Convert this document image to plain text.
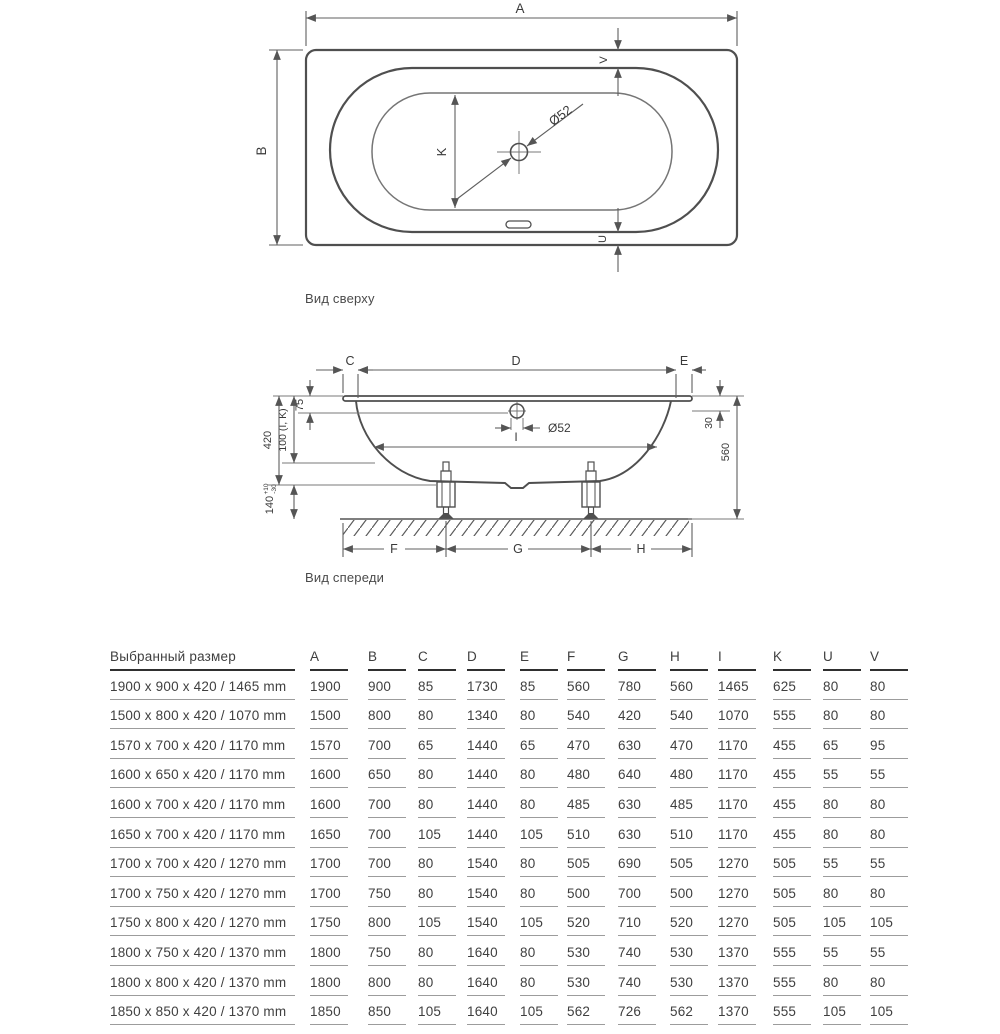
A
B	K
V
U
Ø52
C	D	E
75
100 (I, K)
420
140
+10 -30
30
560
Ø52
I
F	G	H
Вид сверху
Вид спереди
Выбранный размер	A	B	C	D	E	F	G	H	I	K	U	V
1900 x 900 x 420 / 1465 mm	1900	900	85	1730	85	560	780	560	1465	625	80	80
1500 x 800 x 420 / 1070 mm	1500	800	80	1340	80	540	420	540	1070	555	80	80
1570 x 700 x 420 / 1170 mm	1570	700	65	1440	65	470	630	470	1170	455	65	95
1600 x 650 x 420 / 1170 mm	1600	650	80	1440	80	480	640	480	1170	455	55	55
1600 x 700 x 420 / 1170 mm	1600	700	80	1440	80	485	630	485	1170	455	80	80
1650 x 700 x 420 / 1170 mm	1650	700	105	1440	105	510	630	510	1170	455	80	80
1700 x 700 x 420 / 1270 mm	1700	700	80	1540	80	505	690	505	1270	505	55	55
1700 x 750 x 420 / 1270 mm	1700	750	80	1540	80	500	700	500	1270	505	80	80
1750 x 800 x 420 / 1270 mm	1750	800	105	1540	105	520	710	520	1270	505	105	105
1800 x 750 x 420 / 1370 mm	1800	750	80	1640	80	530	740	530	1370	555	55	55
1800 x 800 x 420 / 1370 mm	1800	800	80	1640	80	530	740	530	1370	555	80	80
1850 x 850 x 420 / 1370 mm	1850	850	105	1640	105	562	726	562	1370	555	105	105
